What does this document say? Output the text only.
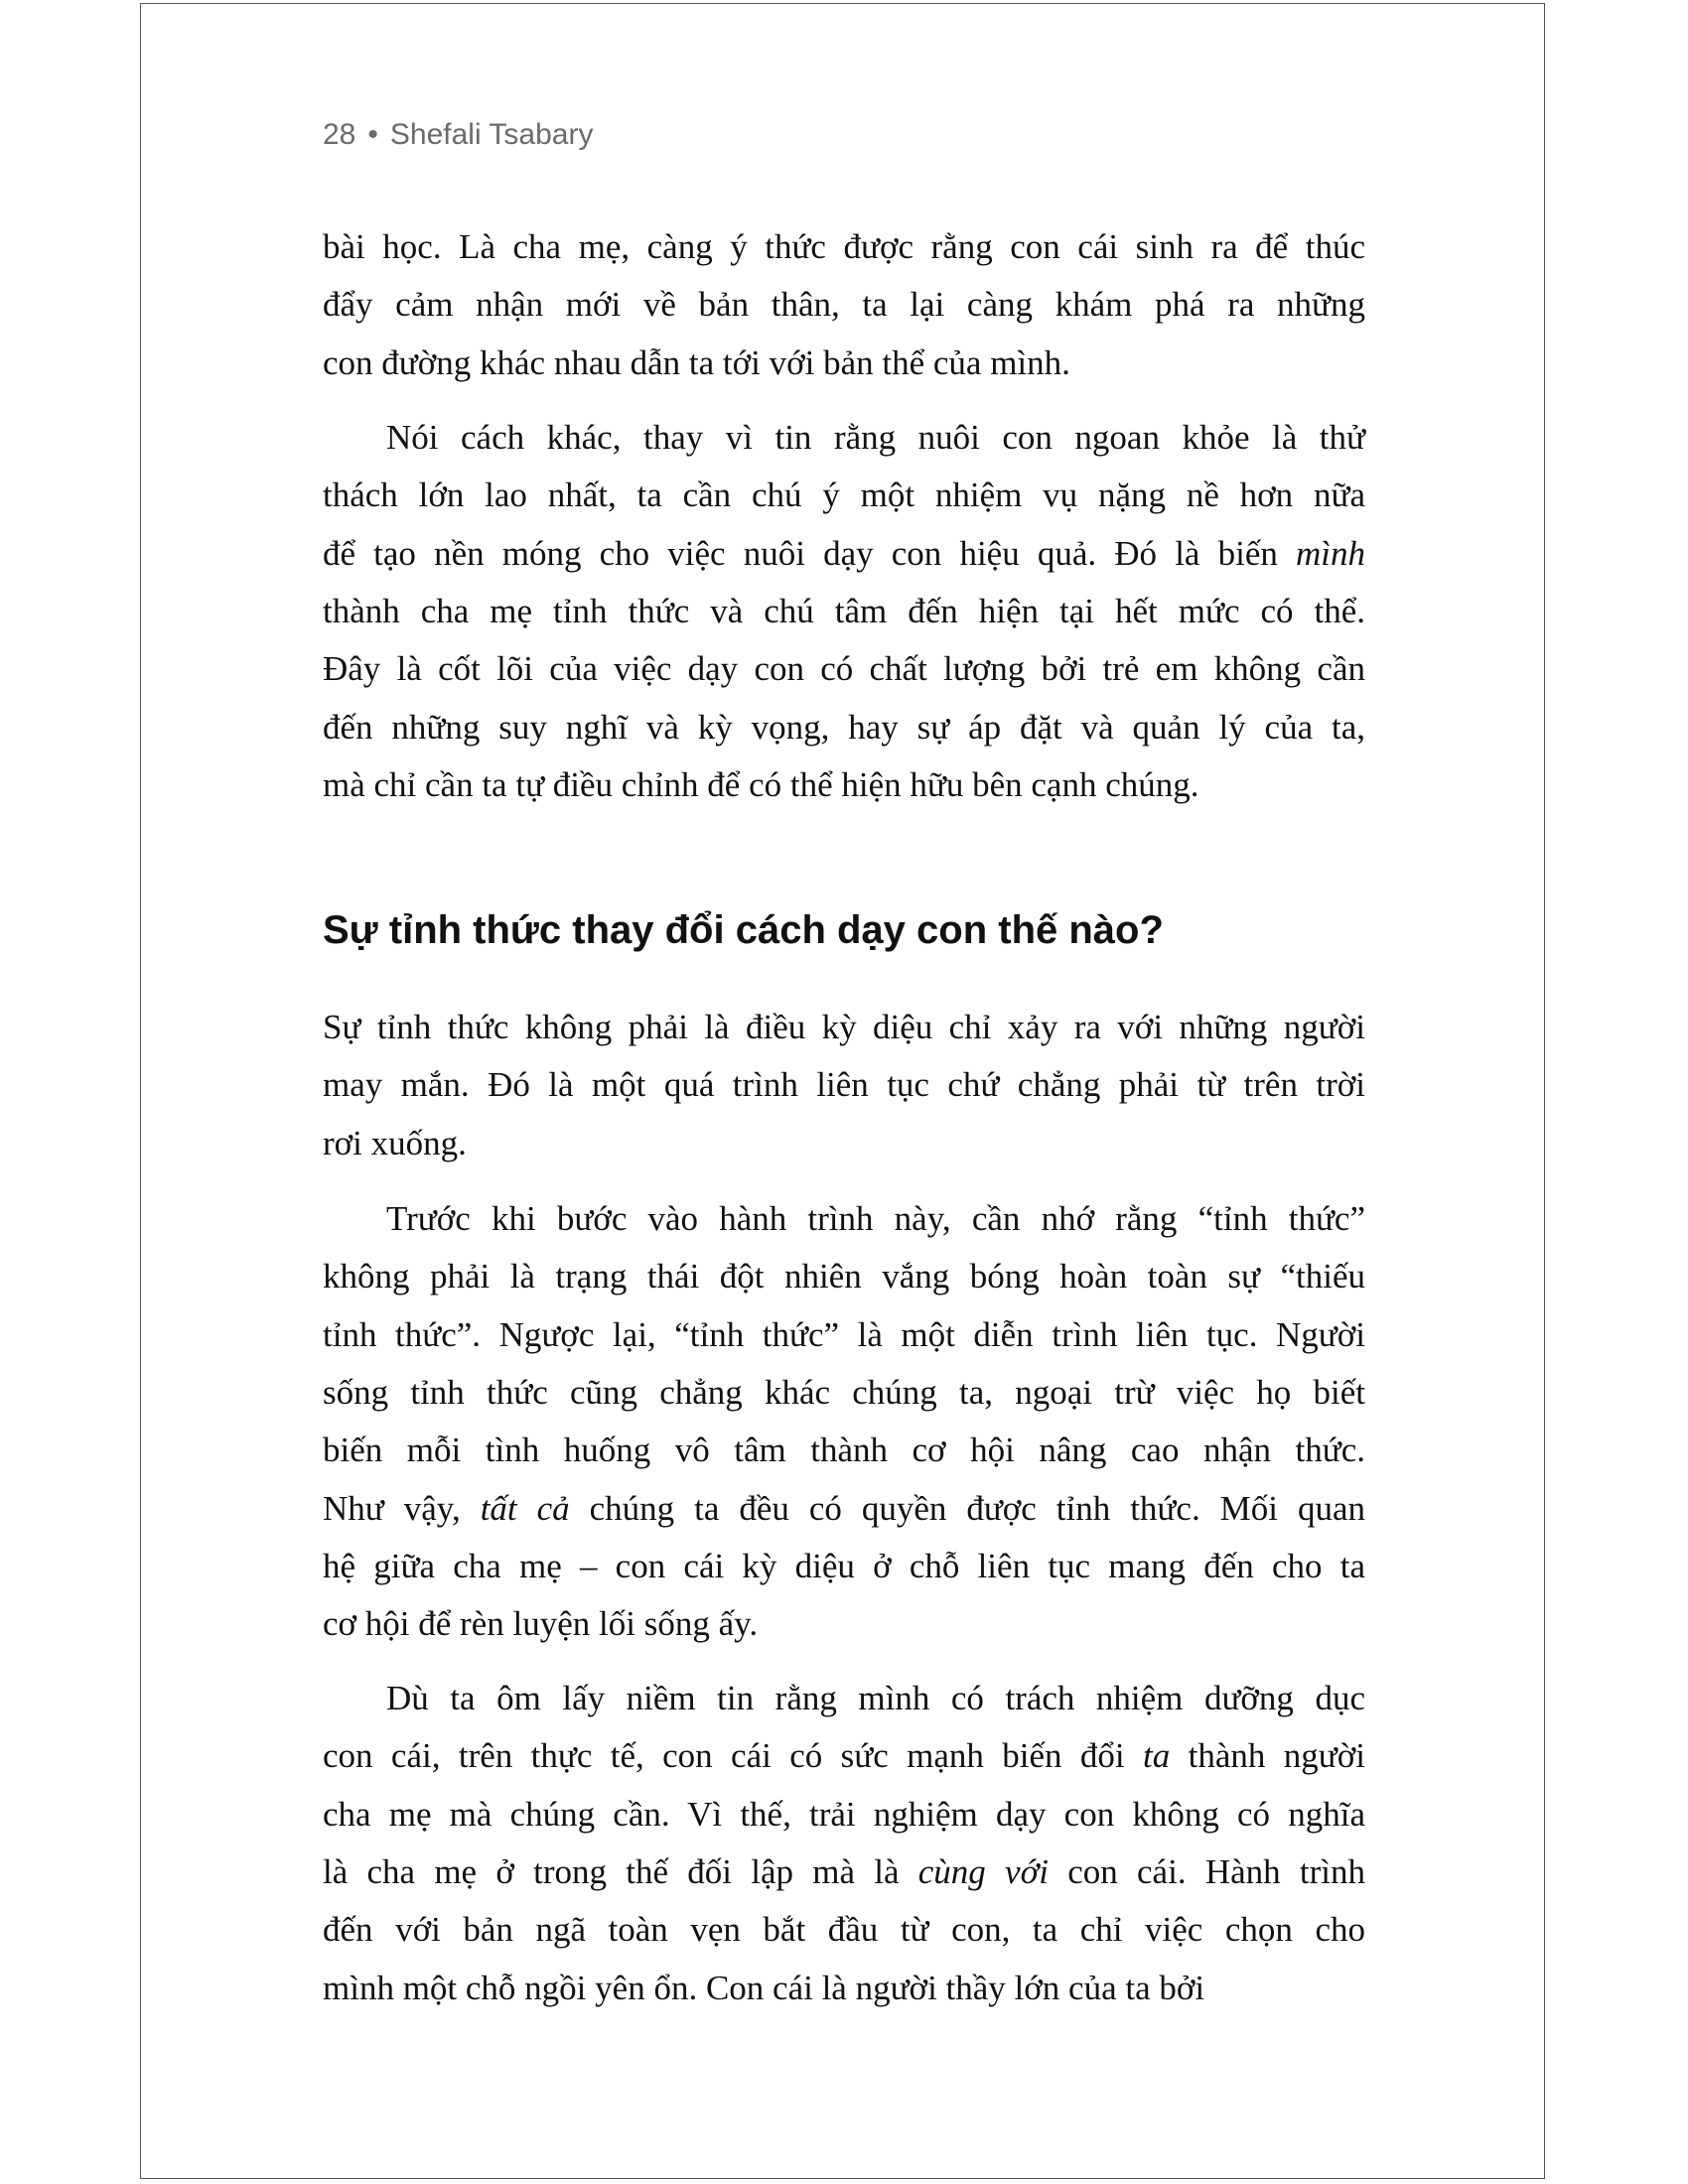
28 • Shefali Tsabary
Sự tỉnh thức thay đổi cách dạy con thế nào?
bài học. Là cha mẹ, càng ý thức được rằng con cái sinh ra để thúc
đẩy cảm nhận mới về bản thân, ta lại càng khám phá ra những
con đường khác nhau dẫn ta tới với bản thể của mình.
Nói cách khác, thay vì tin rằng nuôi con ngoan khỏe là thử
thách lớn lao nhất, ta cần chú ý một nhiệm vụ nặng nề hơn nữa
để tạo nền móng cho việc nuôi dạy con hiệu quả. Đó là biến mình
thành cha mẹ tỉnh thức và chú tâm đến hiện tại hết mức có thể.
Đây là cốt lõi của việc dạy con có chất lượng bởi trẻ em không cần
đến những suy nghĩ và kỳ vọng, hay sự áp đặt và quản lý của ta,
mà chỉ cần ta tự điều chỉnh để có thể hiện hữu bên cạnh chúng.
Sự tỉnh thức không phải là điều kỳ diệu chỉ xảy ra với những người
may mắn. Đó là một quá trình liên tục chứ chẳng phải từ trên trời
rơi xuống.
Trước khi bước vào hành trình này, cần nhớ rằng “tỉnh thức”
không phải là trạng thái đột nhiên vắng bóng hoàn toàn sự “thiếu
tỉnh thức”. Ngược lại, “tỉnh thức” là một diễn trình liên tục. Người
sống tỉnh thức cũng chẳng khác chúng ta, ngoại trừ việc họ biết
biến mỗi tình huống vô tâm thành cơ hội nâng cao nhận thức.
Như vậy, tất cả chúng ta đều có quyền được tỉnh thức. Mối quan
hệ giữa cha mẹ – con cái kỳ diệu ở chỗ liên tục mang đến cho ta
cơ hội để rèn luyện lối sống ấy.
Dù ta ôm lấy niềm tin rằng mình có trách nhiệm dưỡng dục
con cái, trên thực tế, con cái có sức mạnh biến đổi ta thành người
cha mẹ mà chúng cần. Vì thế, trải nghiệm dạy con không có nghĩa
là cha mẹ ở trong thế đối lập mà là cùng với con cái. Hành trình
đến với bản ngã toàn vẹn bắt đầu từ con, ta chỉ việc chọn cho
mình một chỗ ngồi yên ổn. Con cái là người thầy lớn của ta bởi
